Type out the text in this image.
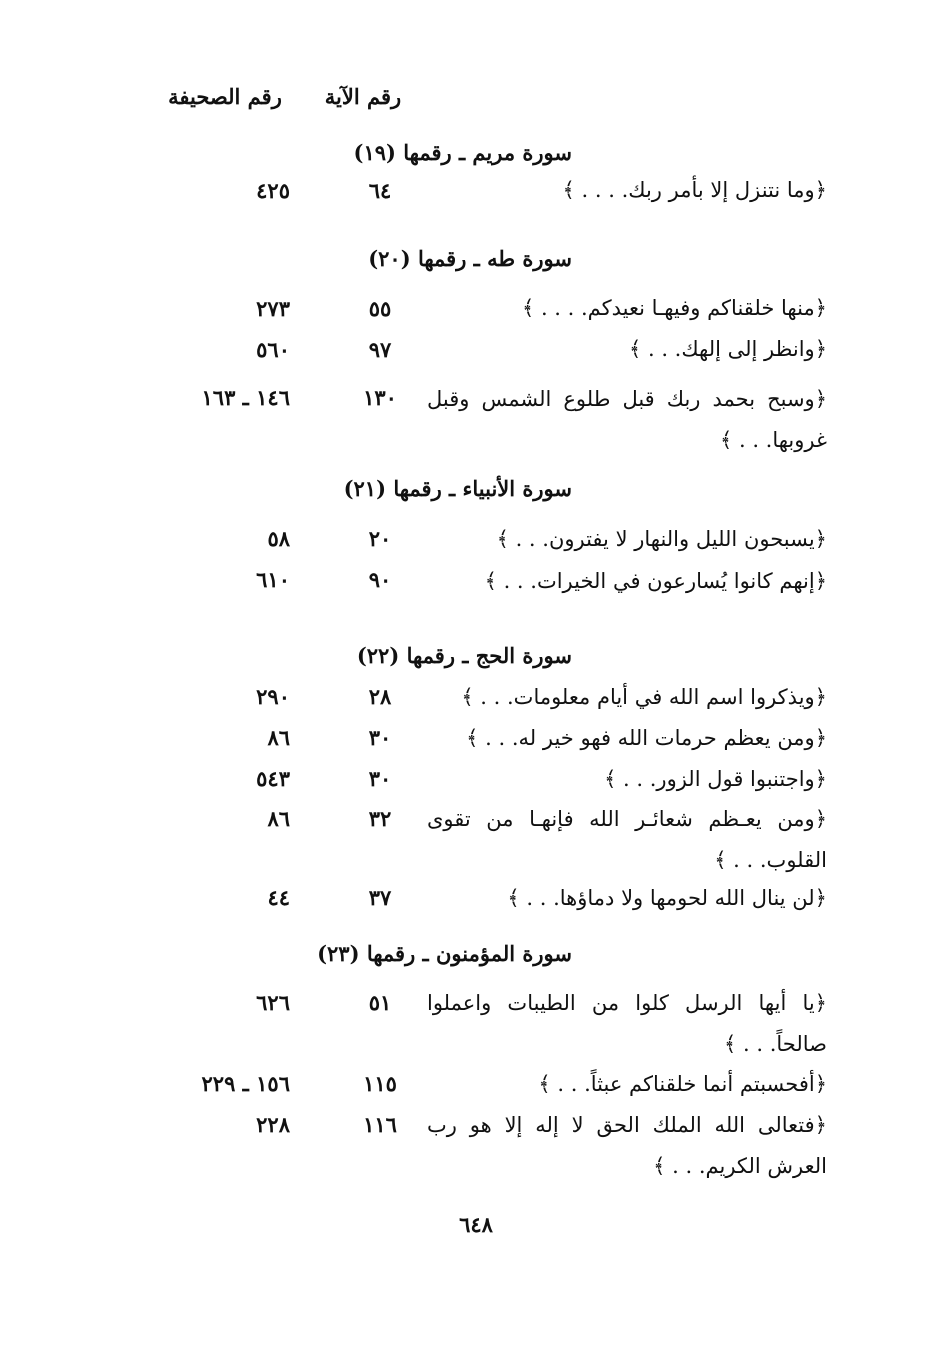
رقم الصحيفة	رقم الآية
سورة مريم ـ رقمها (١٩)
﴿وما نتنزل إلا بأمر ربك. . . . ﴾
٦٤
٤٢٥
سورة طه ـ رقمها (٢٠)
﴿منها خلقناكم وفيهـا نعيدكم. . . . ﴾
٥٥
٢٧٣
﴿وانظر إلى إلهك. . . ﴾
٩٧
٥٦٠
﴿وسبح بحمد ربك قبل طلوع الشمس وقبل غروبها. . . ﴾
١٣٠
١٤٦ ـ ١٦٣
سورة الأنبياء ـ رقمها (٢١)
﴿يسبحون الليل والنهار لا يفترون. . . ﴾
٢٠
٥٨
﴿إنهم كانوا يُسارعون في الخيرات. . . ﴾
٩٠
٦١٠
سورة الحج ـ رقمها (٢٢)
﴿ويذكروا اسم الله في أيام معلومات. . . ﴾
٢٨
٢٩٠
﴿ومن يعظم حرمات الله فهو خير له. . . ﴾
٣٠
٨٦
﴿واجتنبوا قول الزور. . . ﴾
٣٠
٥٤٣
﴿ومن يعـظم شعائـر الله فإنهـا من تقوى القلوب. . . ﴾
٣٢
٨٦
﴿لن ينال الله لحومها ولا دماؤها. . . ﴾
٣٧
٤٤
سورة المؤمنون ـ رقمها (٢٣)
﴿يا أيها الرسل كلوا من الطيبات واعملوا صالحاً. . . ﴾
٥١
٦٢٦
﴿أفحسبتم أنما خلقناكم عبثاً. . . ﴾
١١٥
١٥٦ ـ ٢٢٩
﴿فتعالى الله الملك الحق لا إله إلا هو رب العرش الكريم. . . ﴾
١١٦
٢٢٨
٦٤٨
